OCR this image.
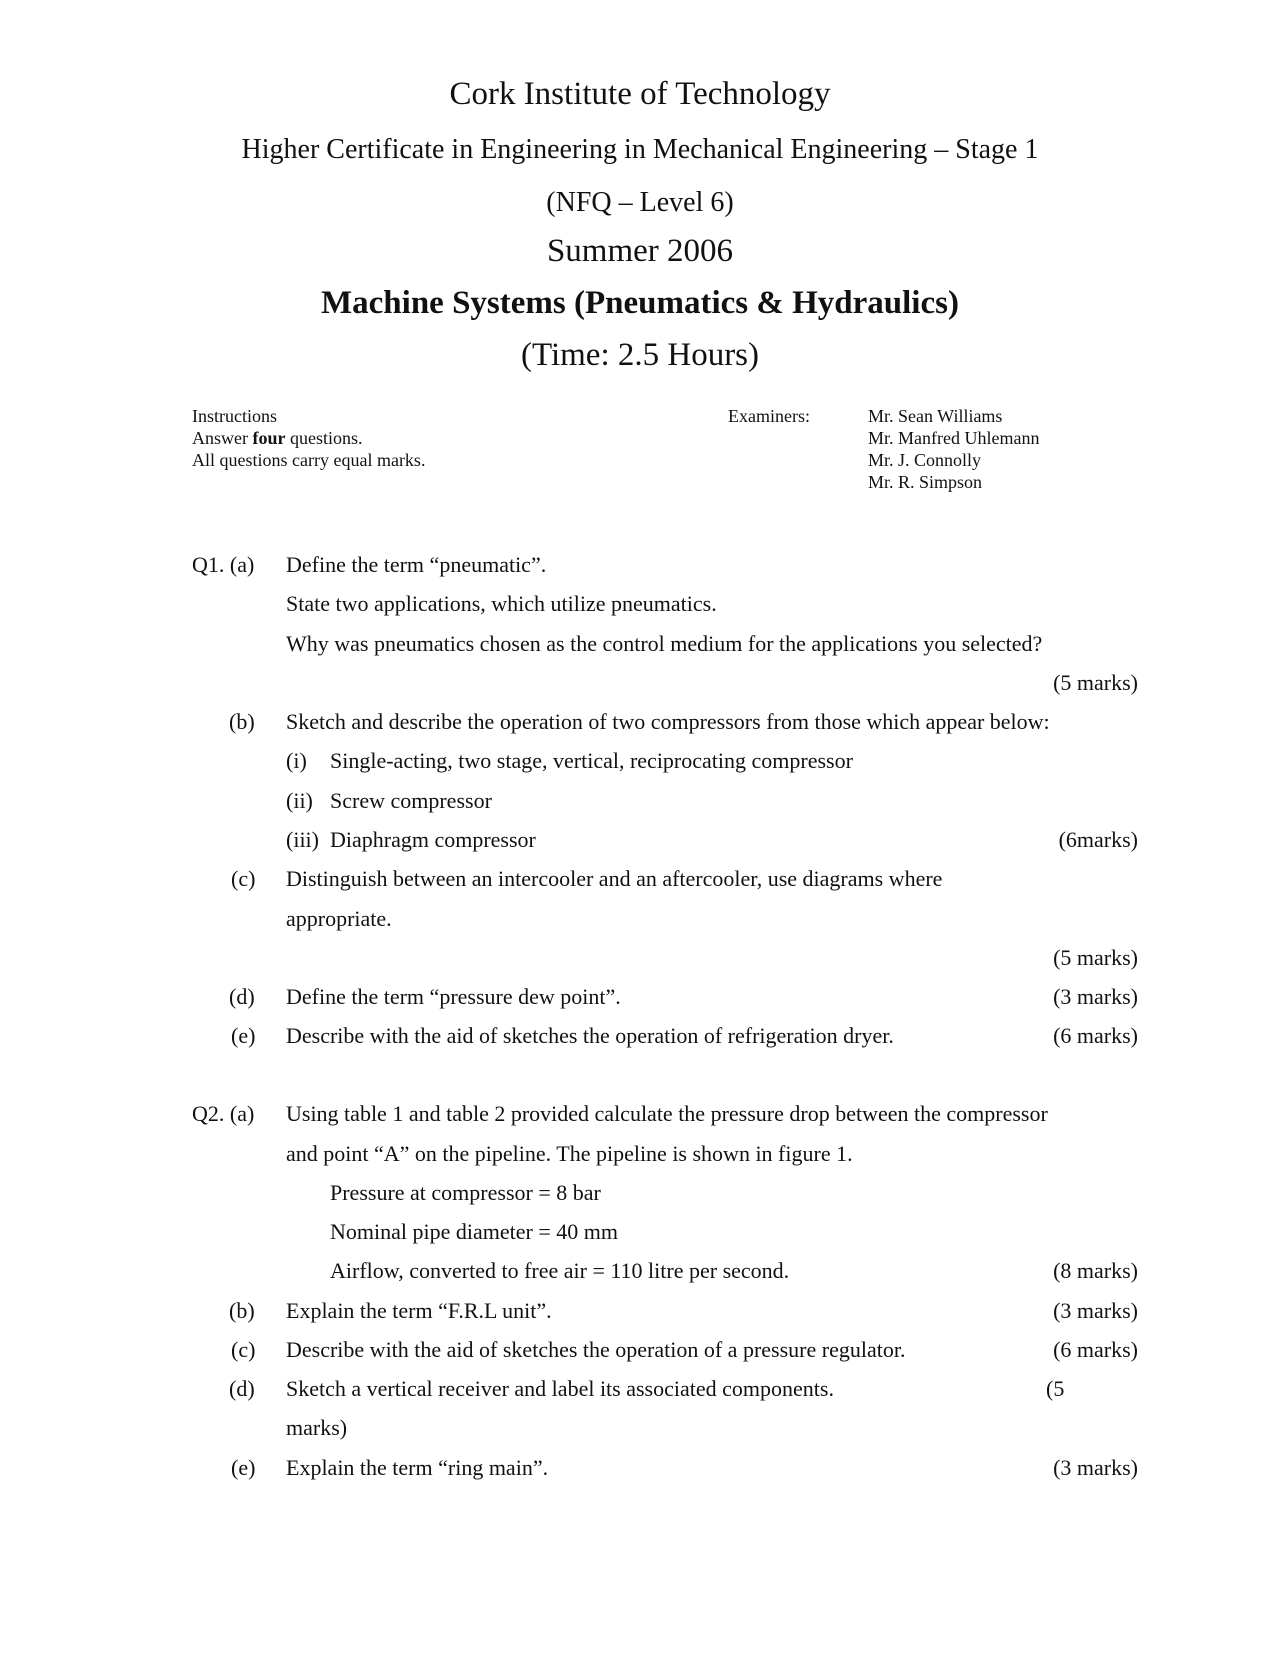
Cork Institute of Technology
Higher Certificate in Engineering in Mechanical Engineering – Stage 1
(NFQ – Level 6)
Summer 2006
Machine Systems (Pneumatics & Hydraulics)
(Time: 2.5 Hours)
Instructions
Answer four questions.
All questions carry equal marks.
Examiners:	Mr. Sean Williams
Mr. Manfred Uhlemann
Mr. J. Connolly
Mr. R. Simpson
Q1. (a) Define the term “pneumatic”.
State two applications, which utilize pneumatics.
Why was pneumatics chosen as the control medium for the applications you selected?
(5 marks)
(b) Sketch and describe the operation of two compressors from those which appear below:
(i) Single-acting, two stage, vertical, reciprocating compressor
(ii) Screw compressor
(iii) Diaphragm compressor	(6marks)
(c) Distinguish between an intercooler and an aftercooler, use diagrams where
appropriate.
(5 marks)
(d) Define the term “pressure dew point”.	(3 marks)
(e) Describe with the aid of sketches the operation of refrigeration dryer.	(6 marks)
Q2. (a) Using table 1 and table 2 provided calculate the pressure drop between the compressor
and point “A” on the pipeline. The pipeline is shown in figure 1.
Pressure at compressor = 8 bar
Nominal pipe diameter = 40 mm
Airflow, converted to free air = 110 litre per second.	(8 marks)
(b) Explain the term “F.R.L unit”.	(3 marks)
(c) Describe with the aid of sketches the operation of a pressure regulator.	(6 marks)
(d) Sketch a vertical receiver and label its associated components.	(5
marks)
(e) Explain the term “ring main”.	(3 marks)
